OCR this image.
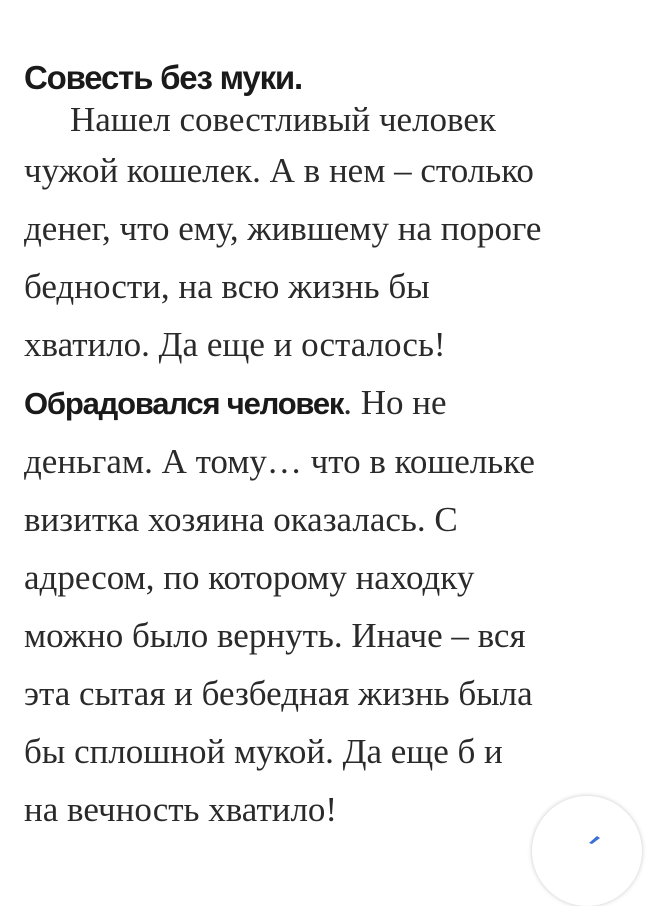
Совесть без муки.
Нашел совестливый человек
чужой кошелек. А в нем – столько
денег, что ему, жившему на пороге
бедности, на всю жизнь бы
хватило. Да еще и осталось!
Обрадовался человек. Но не
деньгам. А тому… что в кошельке
визитка хозяина оказалась. С
адресом, по которому находку
можно было вернуть. Иначе – вся
эта сытая и безбедная жизнь была
бы сплошной мукой. Да еще б и
на вечность хватило!
